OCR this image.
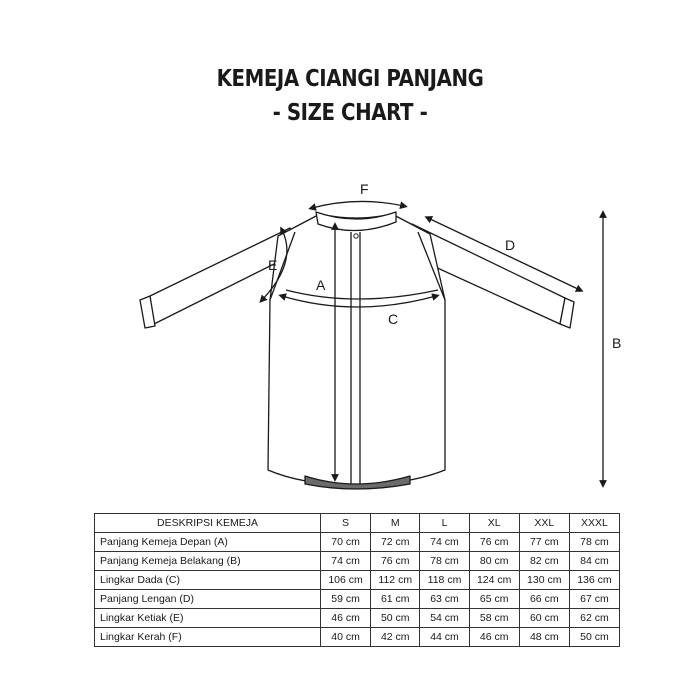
KEMEJA CIANGI PANJANG
- SIZE CHART -
F
A
B
C
D
E
DESKRIPSI KEMEJA	S	M	L	XL	XXL	XXXL
Panjang Kemeja Depan (A)	70 cm	72 cm	74 cm	76 cm	77 cm	78 cm
Panjang Kemeja Belakang (B)	74 cm	76 cm	78 cm	80 cm	82 cm	84 cm
Lingkar Dada (C)	106 cm	112 cm	118 cm	124 cm	130 cm	136 cm
Panjang Lengan (D)	59 cm	61 cm	63 cm	65 cm	66 cm	67 cm
Lingkar Ketiak (E)	46 cm	50 cm	54 cm	58 cm	60 cm	62 cm
Lingkar Kerah (F)	40 cm	42 cm	44 cm	46 cm	48 cm	50 cm
